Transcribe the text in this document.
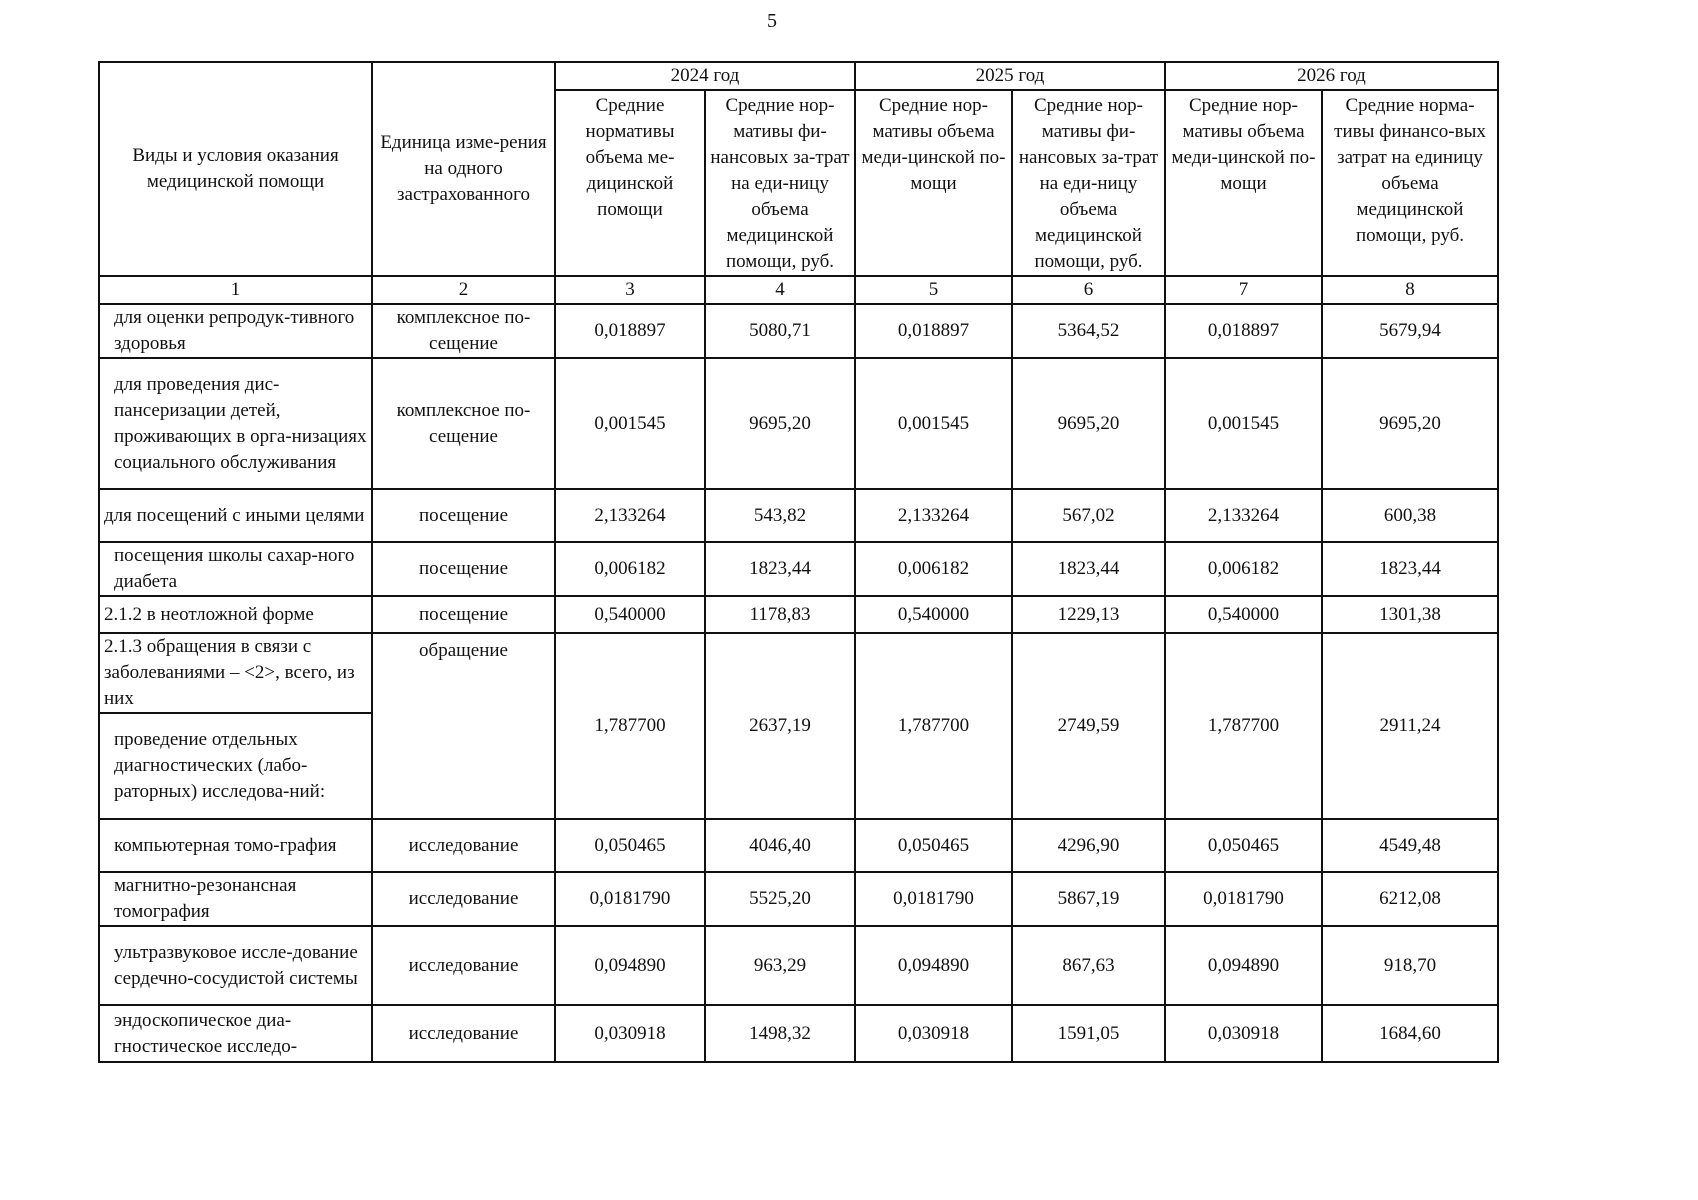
5
Виды и условия оказания медицинской помощи	Единица изме-рения на одного застрахованного	2024 год		2025 год		2026 год	
		Средние нормативы объема ме-дицинской помощи	Средние нор-мативы фи-нансовых за-трат на еди-ницу объема медицинской помощи, руб.	Средние нор-мативы объема меди-цинской по-мощи	Средние нор-мативы фи-нансовых за-трат на еди-ницу объема медицинской помощи, руб.	Средние нор-мативы объема меди-цинской по-мощи	Средние норма-тивы финансо-вых затрат на единицу объема медицинской помощи, руб.
1	2	3	4	5	6	7	8
для оценки репродук-тивного здоровья	комплексное по-сещение	0,018897	5080,71	0,018897	5364,52	0,018897	5679,94
для проведения дис-пансеризации детей, проживающих в орга-низациях социального обслуживания	комплексное по-сещение	0,001545	9695,20	0,001545	9695,20	0,001545	9695,20
для посещений с иными целями	посещение	2,133264	543,82	2,133264	567,02	2,133264	600,38
посещения школы сахар-ного диабета	посещение	0,006182	1823,44	0,006182	1823,44	0,006182	1823,44
2.1.2 в неотложной форме	посещение	0,540000	1178,83	0,540000	1229,13	0,540000	1301,38
2.1.3 обращения в связи с заболеваниями – <2>, всего, из них	обращение	1,787700	2637,19	1,787700	2749,59	1,787700	2911,24
проведение отдельных диагностических (лабо-раторных) исследова-ний:							
компьютерная томо-графия	исследование	0,050465	4046,40	0,050465	4296,90	0,050465	4549,48
магнитно-резонансная томография	исследование	0,0181790	5525,20	0,0181790	5867,19	0,0181790	6212,08
ультразвуковое иссле-дование сердечно-сосудистой системы	исследование	0,094890	963,29	0,094890	867,63	0,094890	918,70
эндоскопическое диа-гностическое исследо-	исследование	0,030918	1498,32	0,030918	1591,05	0,030918	1684,60
